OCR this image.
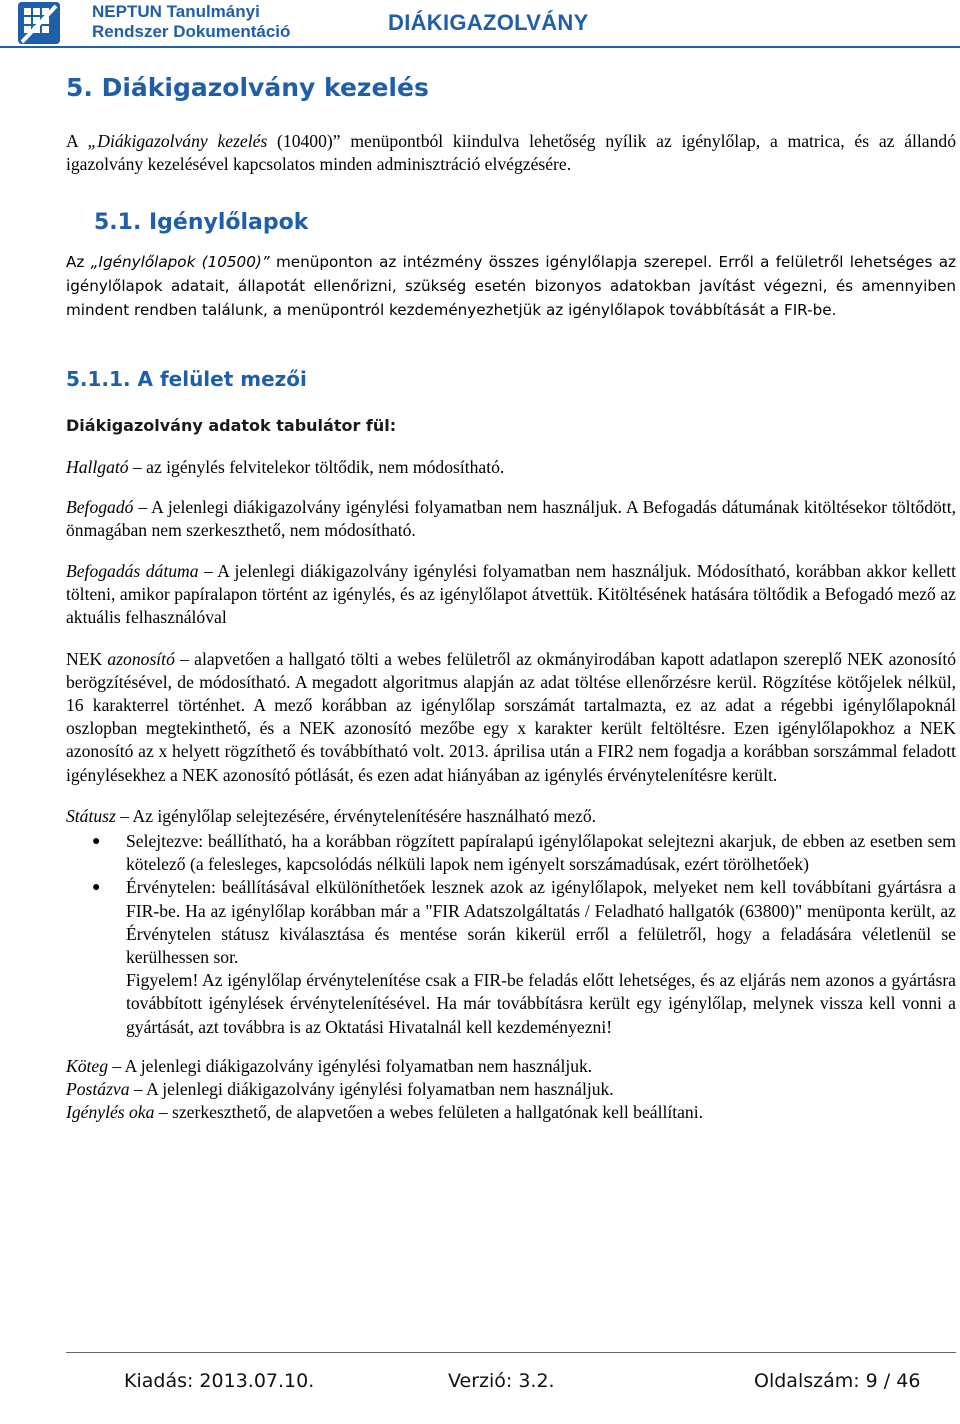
NEPTUN Tanulmányi
Rendszer Dokumentáció	DIÁKIGAZOLVÁNY
5. Diákigazolvány kezelés

A „Diákigazolvány kezelés (10400)” menüpontból kiindulva lehetőség nyílik az igénylőlap, a matrica, és az állandó igazolvány kezelésével kapcsolatos minden adminisztráció elvégzésére.

5.1. Igénylőlapok

Az „Igénylőlapok (10500)” menüponton az intézmény összes igénylőlapja szerepel. Erről a felületről lehetséges az igénylőlapok adatait, állapotát ellenőrizni, szükség esetén bizonyos adatokban javítást végezni, és amennyiben mindent rendben találunk, a menüpontról kezdeményezhetjük az igénylőlapok továbbítását a FIR-be.

5.1.1. A felület mezői

Diákigazolvány adatok tabulátor fül:

Hallgató – az igénylés felvitelekor töltődik, nem módosítható.

Befogadó – A jelenlegi diákigazolvány igénylési folyamatban nem használjuk. A Befogadás dátumának kitöltésekor töltődött, önmagában nem szerkeszthető, nem módosítható.

Befogadás dátuma – A jelenlegi diákigazolvány igénylési folyamatban nem használjuk. Módosítható, korábban akkor kellett tölteni, amikor papíralapon történt az igénylés, és az igénylőlapot átvettük. Kitöltésének hatására töltődik a Befogadó mező az aktuális felhasználóval

NEK azonosító – alapvetően a hallgató tölti a webes felületről az okmányirodában kapott adatlapon szereplő NEK azonosító berögzítésével, de módosítható. A megadott algoritmus alapján az adat töltése ellenőrzésre kerül. Rögzítése kötőjelek nélkül, 16 karakterrel történhet. A mező korábban az igénylőlap sorszámát tartalmazta, ez az adat a régebbi igénylőlapoknál oszlopban megtekinthető, és a NEK azonosító mezőbe egy x karakter került feltöltésre. Ezen igénylőlapokhoz a NEK azonosító az x helyett rögzíthető és továbbítható volt. 2013. áprilisa után a FIR2 nem fogadja a korábban sorszámmal feladott igénylésekhez a NEK azonosító pótlását, és ezen adat hiányában az igénylés érvénytelenítésre került.

Státusz – Az igénylőlap selejtezésére, érvénytelenítésére használható mező.

● Selejtezve: beállítható, ha a korábban rögzített papíralapú igénylőlapokat selejtezni akarjuk, de ebben az esetben sem kötelező (a felesleges, kapcsolódás nélküli lapok nem igényelt sorszámadúsak, ezért törölhetőek)
● Érvénytelen: beállításával elkülöníthetőek lesznek azok az igénylőlapok, melyeket nem kell továbbítani gyártásra a FIR-be. Ha az igénylőlap korábban már a "FIR Adatszolgáltatás / Feladható hallgatók (63800)" menüponta került, az Érvénytelen státusz kiválasztása és mentése során kikerül erről a felületről, hogy a feladására véletlenül se kerülhessen sor.
Figyelem! Az igénylőlap érvénytelenítése csak a FIR-be feladás előtt lehetséges, és az eljárás nem azonos a gyártásra továbbított igénylések érvénytelenítésével. Ha már továbbításra került egy igénylőlap, melynek vissza kell vonni a gyártását, azt továbbra is az Oktatási Hivatalnál kell kezdeményezni!

Köteg – A jelenlegi diákigazolvány igénylési folyamatban nem használjuk.

Postázva – A jelenlegi diákigazolvány igénylési folyamatban nem használjuk.

Igénylés oka – szerkeszthető, de alapvetően a webes felületen a hallgatónak kell beállítani.

Kiadás: 2013.07.10.	Verzió: 3.2.	Oldalszám: 9 / 46
